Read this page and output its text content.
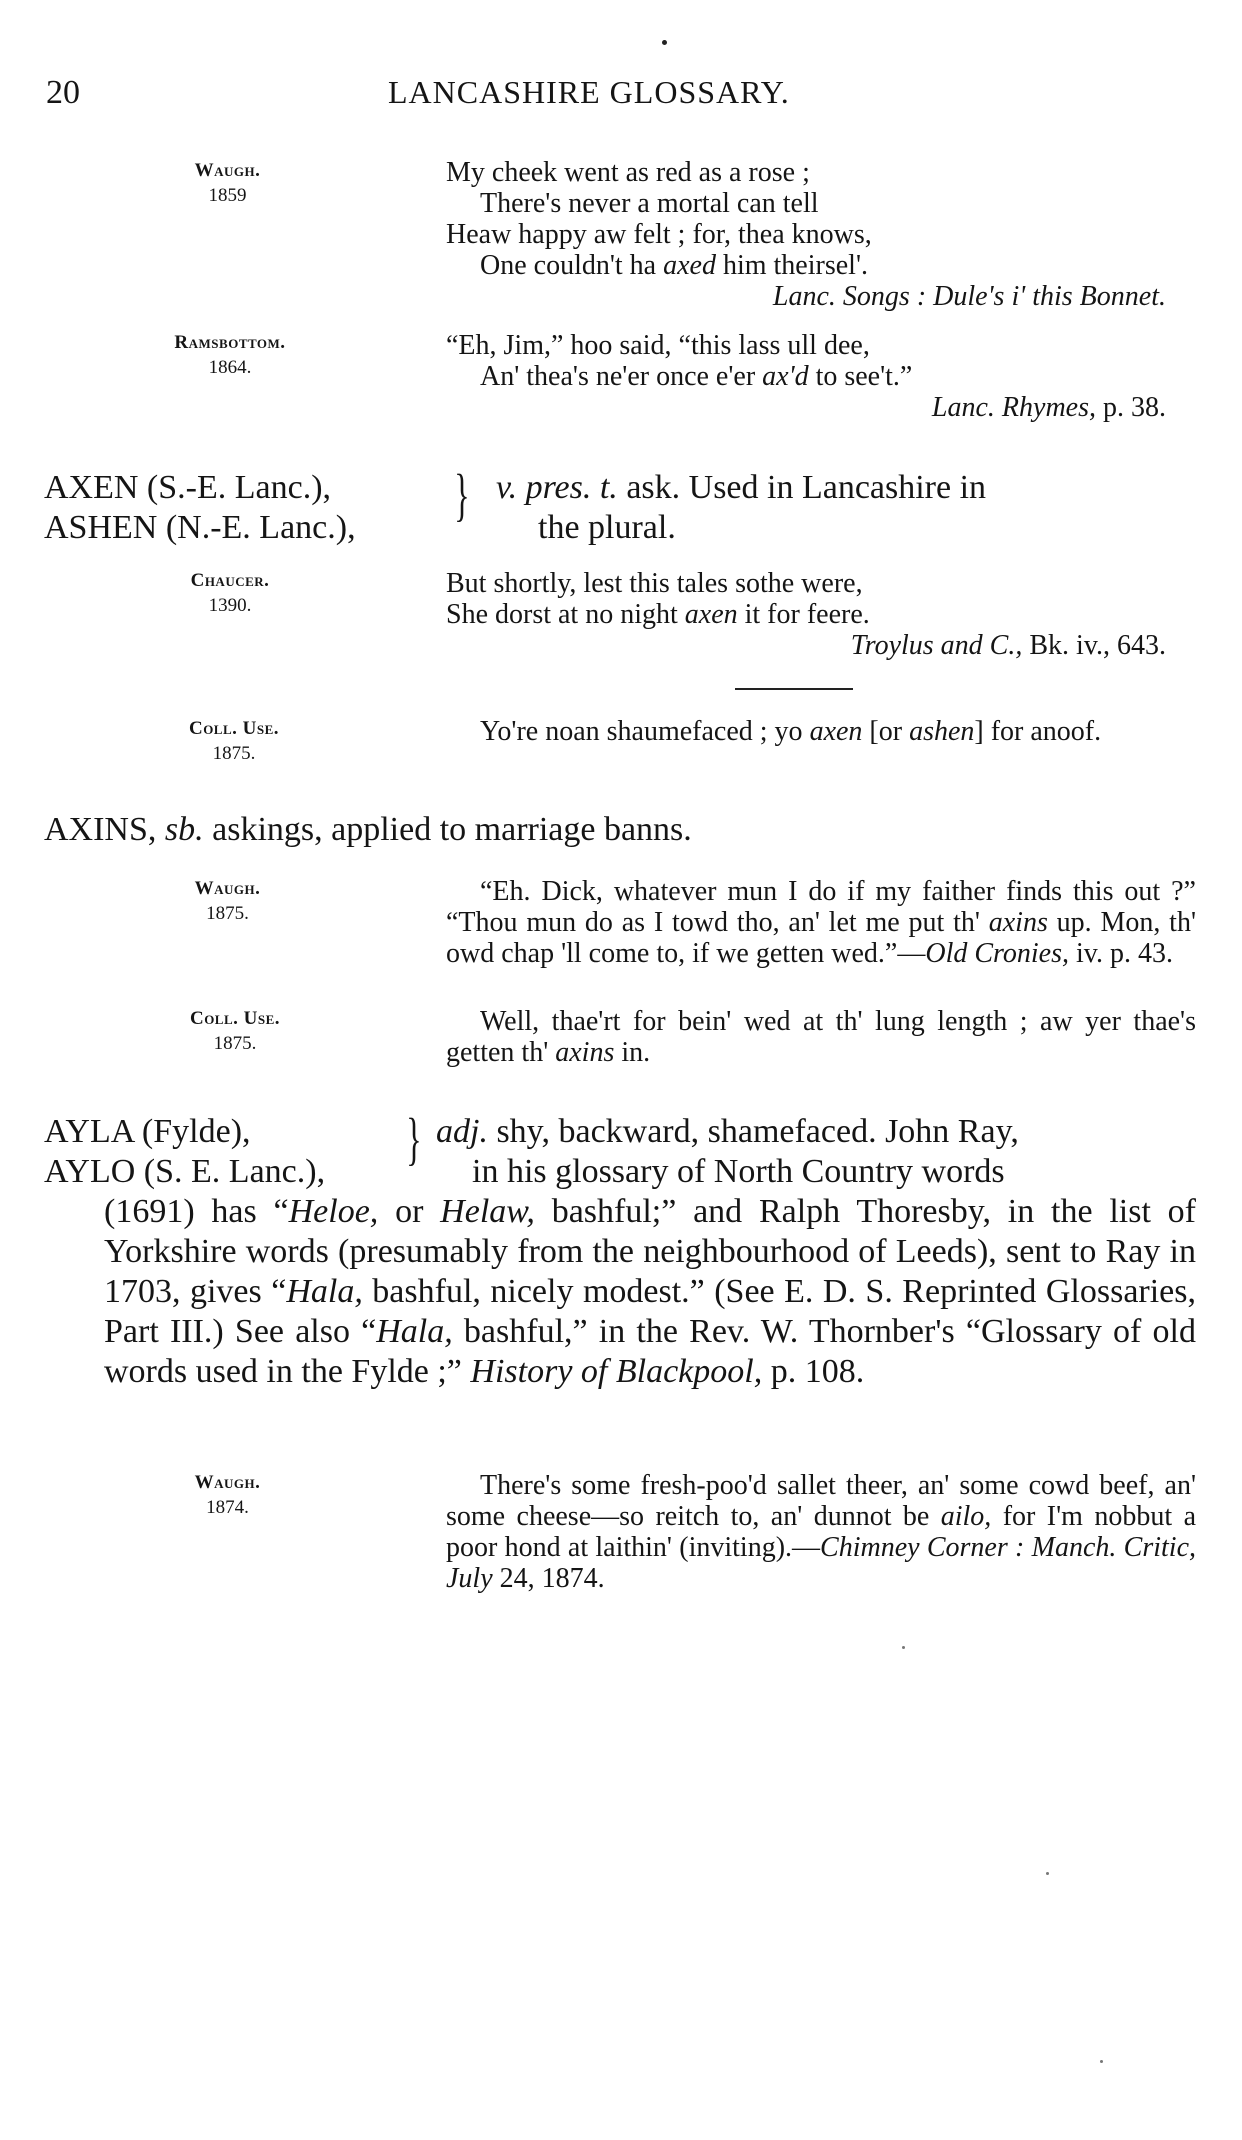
20	LANCASHIRE GLOSSARY.
Waugh.
1859
My cheek went as red as a rose ;
There's never a mortal can tell
Heaw happy aw felt ; for, thea knows,
One couldn't ha axed him theirsel'.
Lanc. Songs : Dule's i' this Bonnet.
Ramsbottom.
1864.
“Eh, Jim,” hoo said, “this lass ull dee,
An' thea's ne'er once e'er ax'd to see't.”
Lanc. Rhymes, p. 38.
AXEN (S.-E. Lanc.),
ASHEN (N.-E. Lanc.),
} v. pres. t. ask. Used in Lancashire in
the plural.
Chaucer.
1390.
But shortly, lest this tales sothe were,
She dorst at no night axen it for feere.
Troylus and C., Bk. iv., 643.
Coll. Use.
1875.
Yo're noan shaumefaced ; yo axen [or ashen] for anoof.
AXINS, sb. askings, applied to marriage banns.
Waugh.
1875.
“Eh. Dick, whatever mun I do if my faither finds this out ?” “Thou mun do as I towd tho, an' let me put th' axins up. Mon, th' owd chap 'll come to, if we getten wed.”—Old Cronies, iv. p. 43.
Coll. Use.
1875.
Well, thae'rt for bein' wed at th' lung length ; aw yer thae's getten th' axins in.
AYLA (Fylde),
AYLO (S. E. Lanc.),
} adj. shy, backward, shamefaced. John Ray,
in his glossary of North Country words
(1691) has “Heloe, or Helaw, bashful;” and Ralph Thoresby, in the list of Yorkshire words (presumably from the neighbourhood of Leeds), sent to Ray in 1703, gives “Hala, bashful, nicely modest.” (See E. D. S. Reprinted Glossaries, Part III.) See also “Hala, bashful,” in the Rev. W. Thornber's “Glossary of old words used in the Fylde ;” History of Blackpool, p. 108.
Waugh.
1874.
There's some fresh-poo'd sallet theer, an' some cowd beef, an' some cheese—so reitch to, an' dunnot be ailo, for I'm nobbut a poor hond at laithin' (inviting).—Chimney Corner : Manch. Critic, July 24, 1874.
